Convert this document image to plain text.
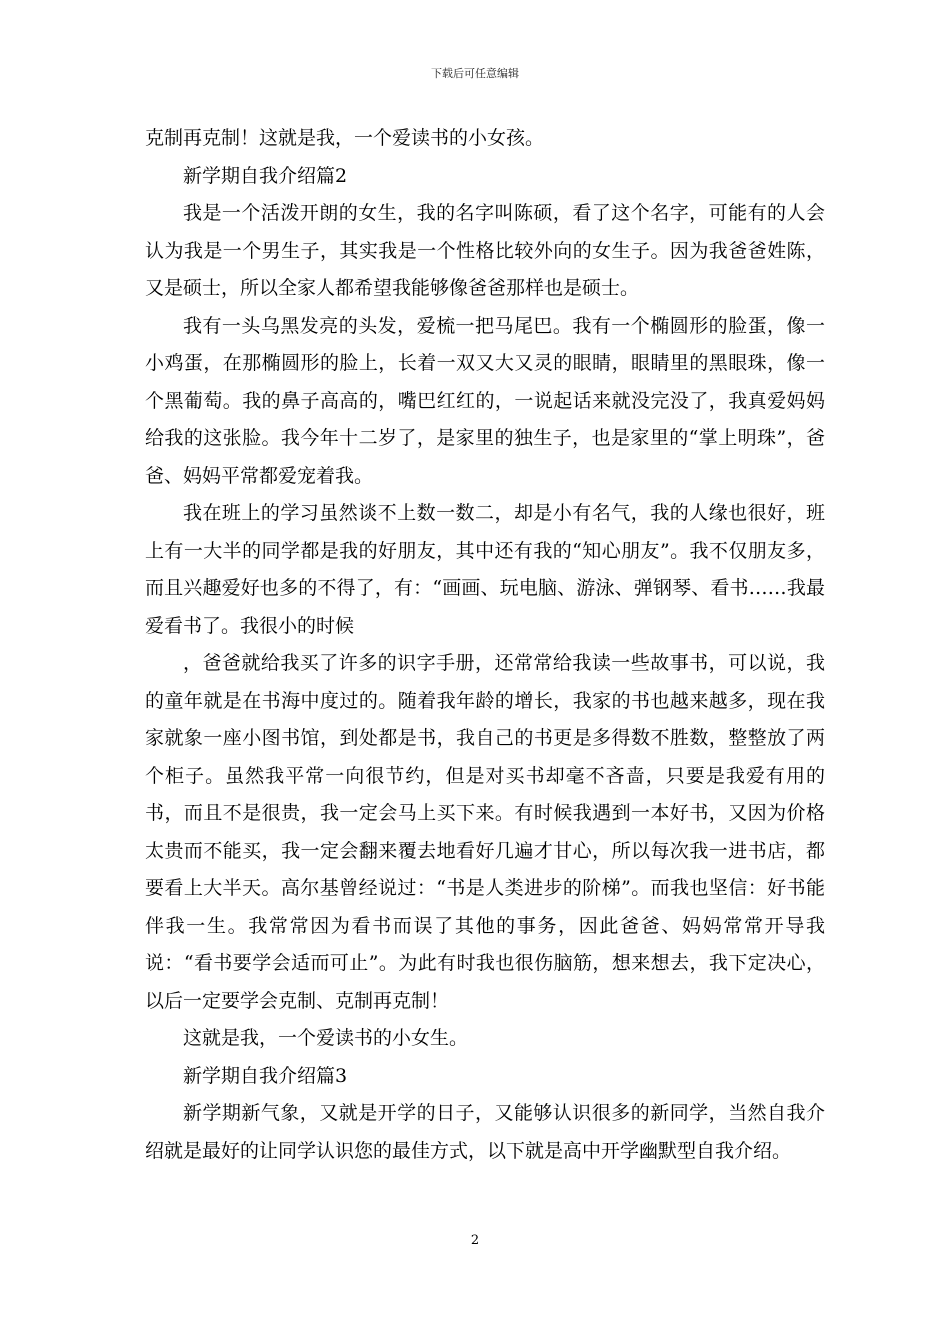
下载后可任意编辑

克制再克制！这就是我，一个爱读书的小女孩。

新学期自我介绍篇2

我是一个活泼开朗的女生，我的名字叫陈硕，看了这个名字，可能有的人会认为我是一个男生子，其实我是一个性格比较外向的女生子。因为我爸爸姓陈，又是硕士，所以全家人都希望我能够像爸爸那样也是硕士。

我有一头乌黑发亮的头发，爱梳一把马尾巴。我有一个椭圆形的脸蛋，像一小鸡蛋，在那椭圆形的脸上，长着一双又大又灵的眼睛，眼睛里的黑眼珠，像一个黑葡萄。我的鼻子高高的，嘴巴红红的，一说起话来就没完没了，我真爱妈妈给我的这张脸。我今年十二岁了，是家里的独生子，也是家里的“掌上明珠”，爸爸、妈妈平常都爱宠着我。

我在班上的学习虽然谈不上数一数二，却是小有名气，我的人缘也很好，班上有一大半的同学都是我的好朋友，其中还有我的“知心朋友”。我不仅朋友多，而且兴趣爱好也多的不得了，有：“画画、玩电脑、游泳、弹钢琴、看书……我最爱看书了。我很小的时候

，爸爸就给我买了许多的识字手册，还常常给我读一些故事书，可以说，我的童年就是在书海中度过的。随着我年龄的增长，我家的书也越来越多，现在我家就象一座小图书馆，到处都是书，我自己的书更是多得数不胜数，整整放了两个柜子。虽然我平常一向很节约，但是对买书却毫不吝啬，只要是我爱有用的书，而且不是很贵，我一定会马上买下来。有时候我遇到一本好书，又因为价格太贵而不能买，我一定会翻来覆去地看好几遍才甘心，所以每次我一进书店，都要看上大半天。高尔基曾经说过：“书是人类进步的阶梯”。而我也坚信：好书能伴我一生。我常常因为看书而误了其他的事务，因此爸爸、妈妈常常开导我说：“看书要学会适而可止”。为此有时我也很伤脑筋，想来想去，我下定决心，以后一定要学会克制、克制再克制！

这就是我，一个爱读书的小女生。

新学期自我介绍篇3

新学期新气象，又就是开学的日子，又能够认识很多的新同学，当然自我介绍就是最好的让同学认识您的最佳方式，以下就是高中开学幽默型自我介绍。

2
